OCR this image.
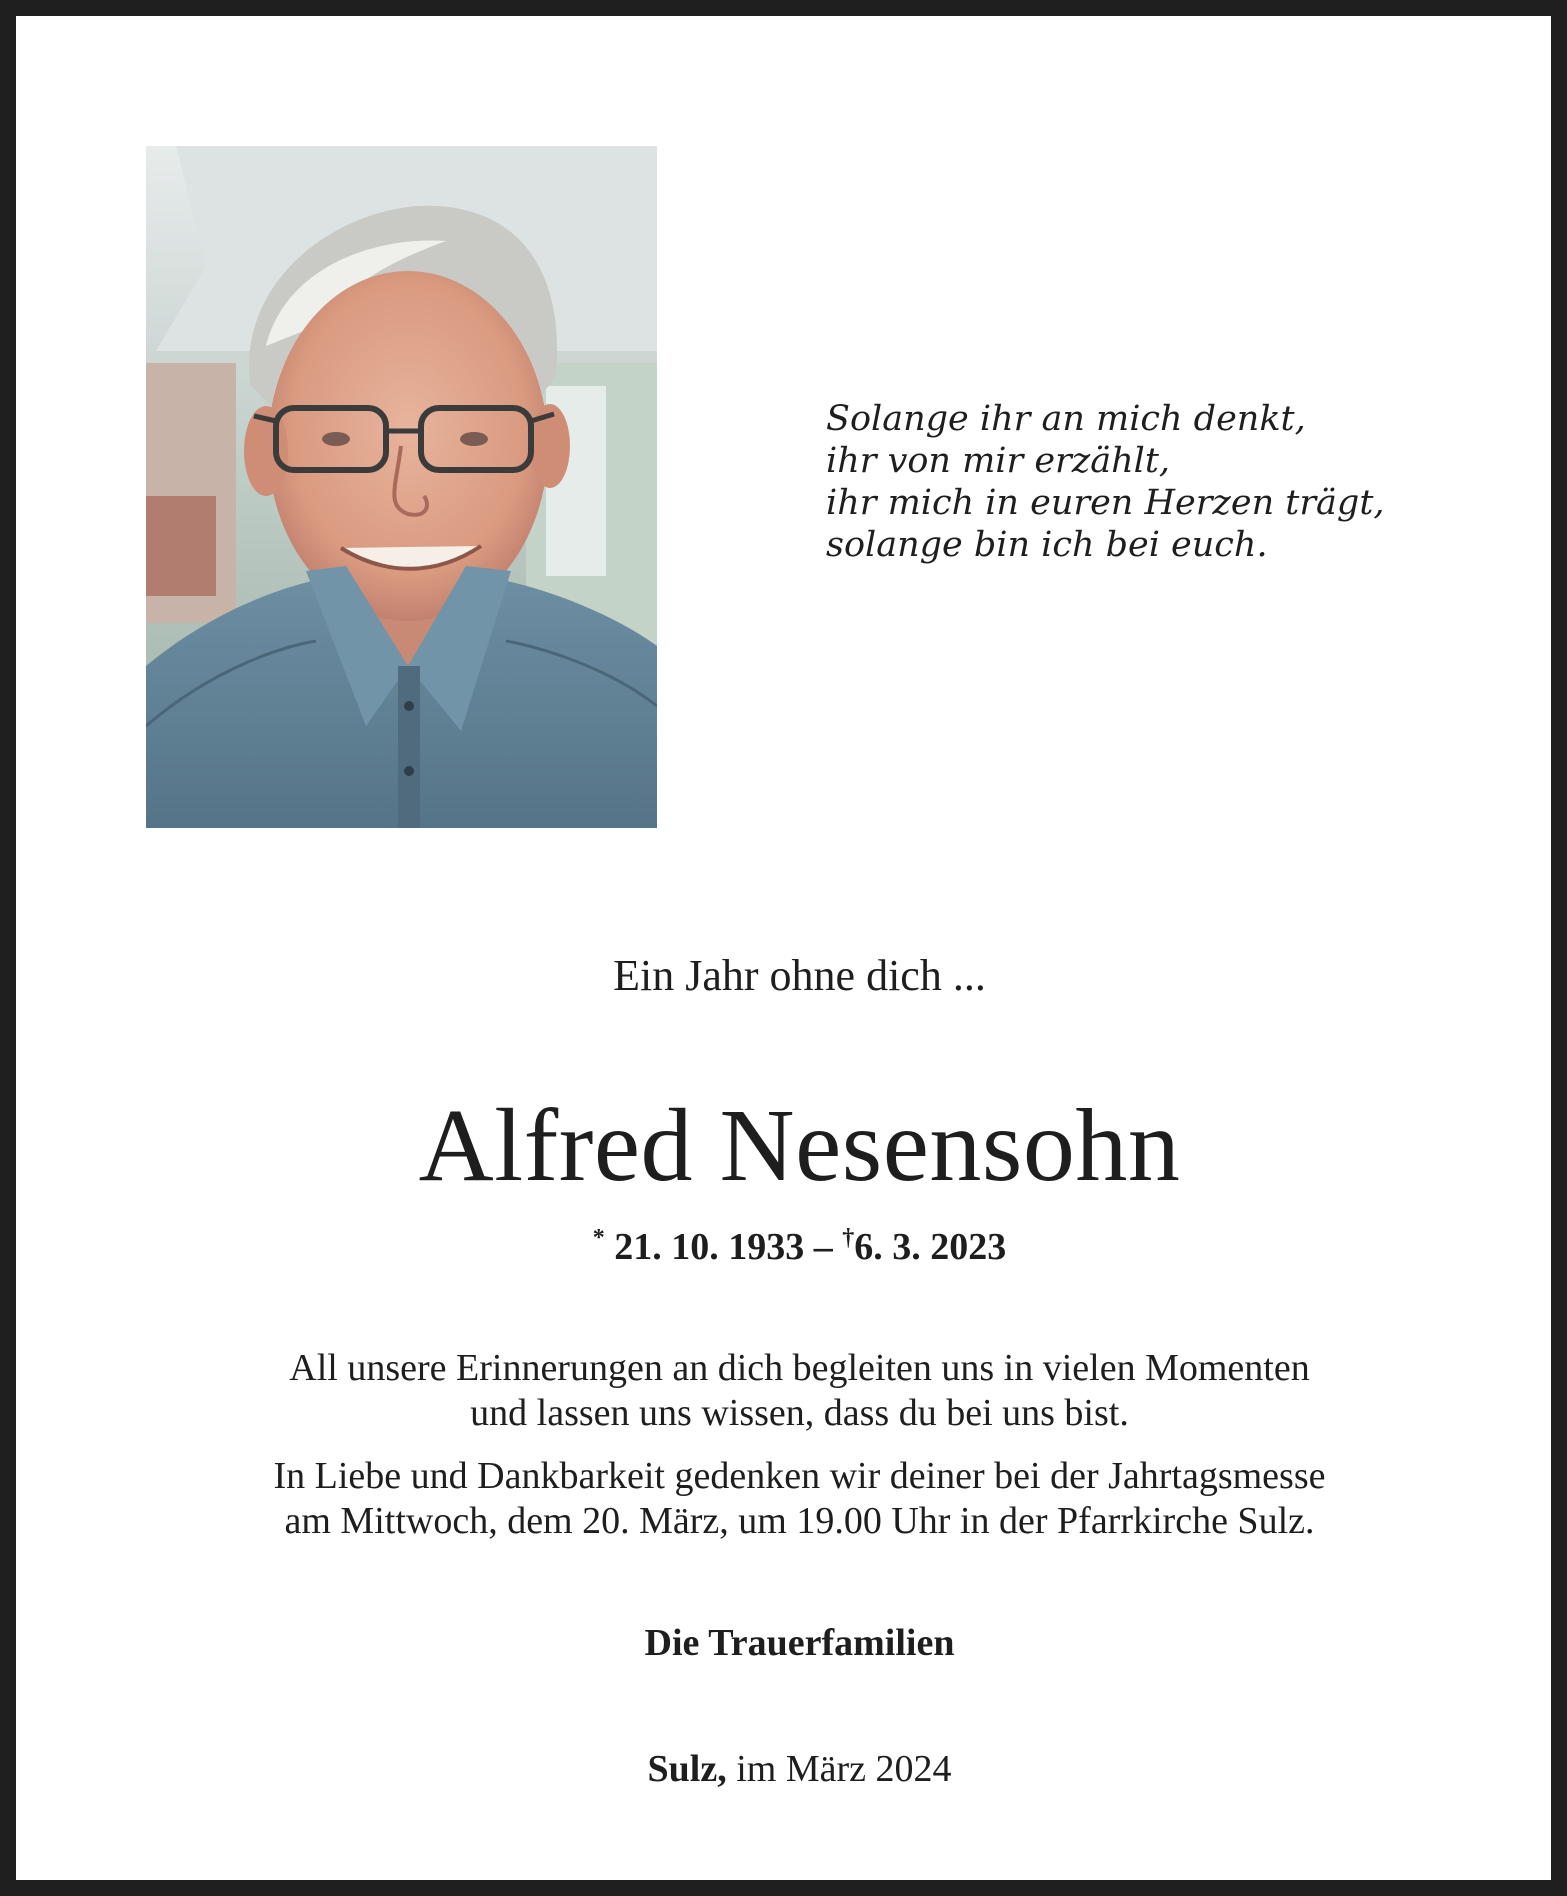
Solange ihr an mich denkt,
ihr von mir erzählt,
ihr mich in euren Herzen trägt,
solange bin ich bei euch.
Ein Jahr ohne dich ...
Alfred Nesensohn
* 21. 10. 1933 – †6. 3. 2023
All unsere Erinnerungen an dich begleiten uns in vielen Momenten
und lassen uns wissen, dass du bei uns bist.
In Liebe und Dankbarkeit gedenken wir deiner bei der Jahrtagsmesse
am Mittwoch, dem 20. März, um 19.00 Uhr in der Pfarrkirche Sulz.
Die Trauerfamilien
Sulz, im März 2024
